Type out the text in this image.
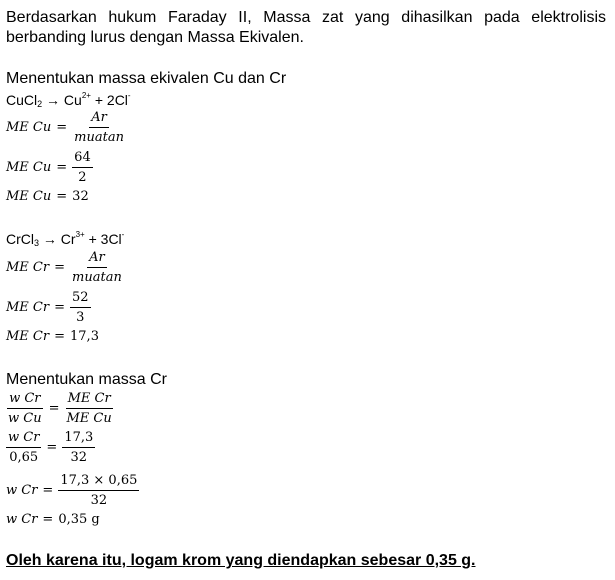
Berdasarkan hukum Faraday II, Massa zat yang dihasilkan pada elektrolisis berbanding lurus dengan Massa Ekivalen.
Menentukan massa ekivalen Cu dan Cr
CuCl$_2$ → $Cu^{2+} + 2Cl^-$
ME $Cu = \frac{Ar}{\text{muatan}}$
ME $Cu = \frac{64}{2}$
ME Cu = 32
CrCl$_3$ → $Cr^{3+} + 3Cl^-$
ME $Cr = \frac{Ar}{\text{muatan}}$
ME $Cr = \frac{52}{3}$
ME Cr = 17,3
Menentukan massa Cr
$\frac{\text{w Cr}}{\text{w Cu}} = \frac{\text{ME Cr}}{\text{ME Cu}}$
$\frac{\text{w Cr}}{0,65} = \frac{17,3}{32}$
w $Cr = \frac{17,3 \times 0,65}{32}$
w Cr = 0,35 g
Oleh karena itu, logam krom yang diendapkan sebesar 0,35 g.
